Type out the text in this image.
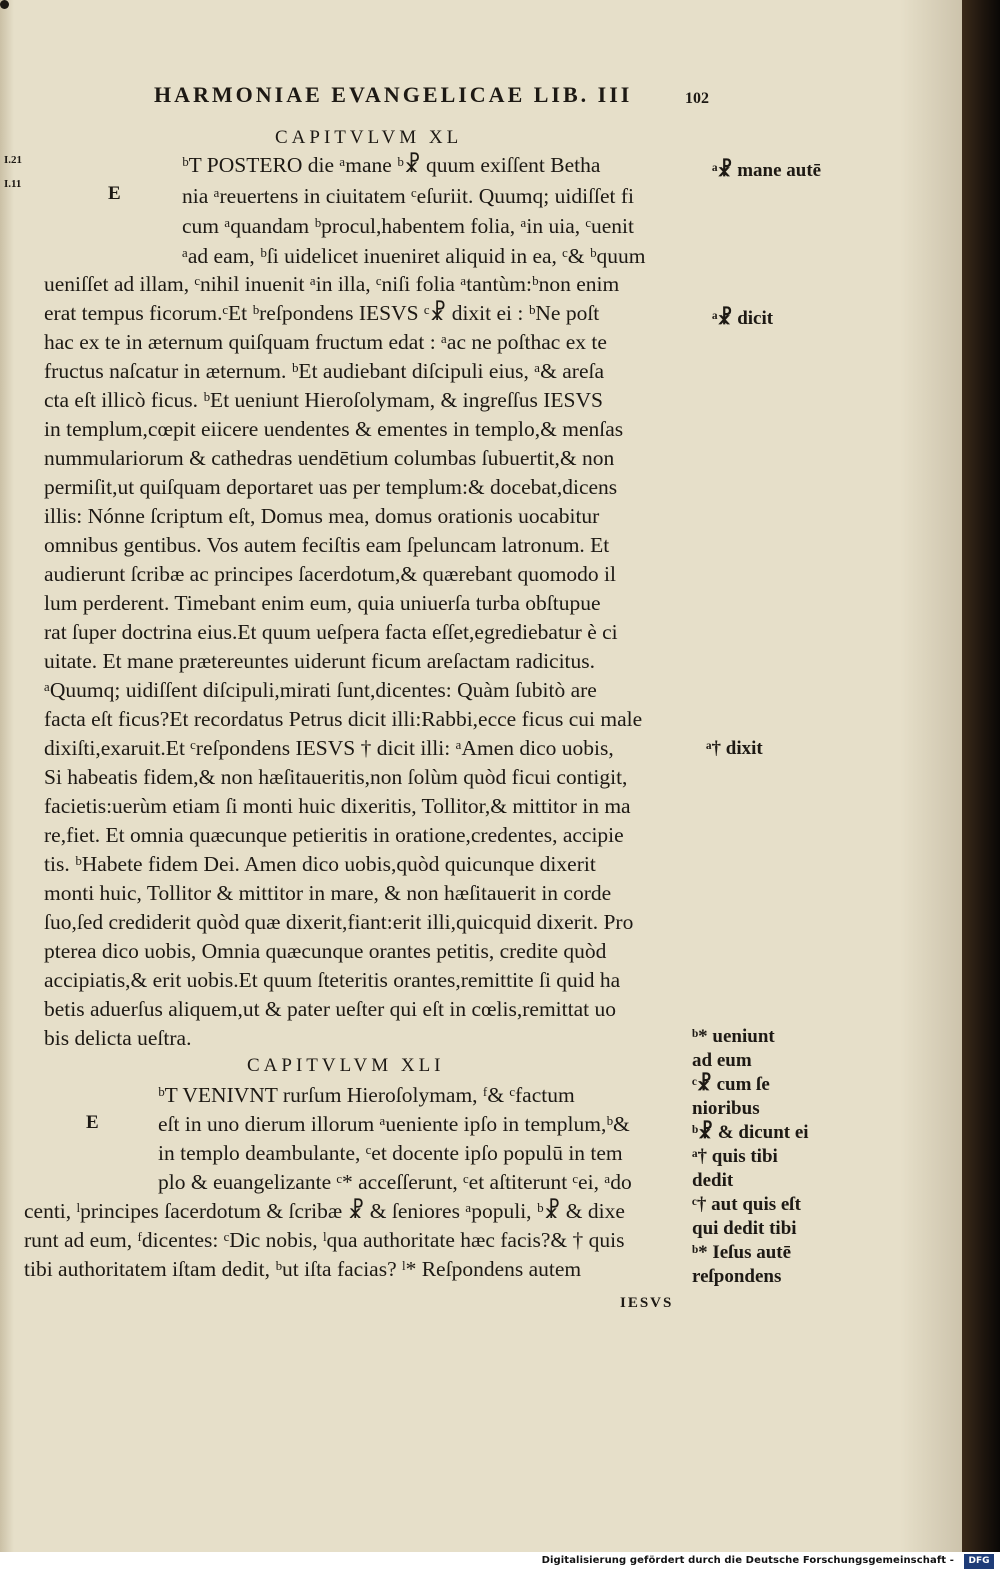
HARMONIAE EVANGELICAE LIB. III	102
I.21
I.11	E
E
CAPITVLVM XL
ᵇT POSTERO die ᵃmane ᵇ☧ quum exiſſent Betha
nia ᵃreuertens in ciuitatem ᶜeſuriit. Quumq; uidiſſet fi
cum ᵃquandam ᵇprocul,habentem folia, ᵃin uia, ᶜuenit
ᵃad eam, ᵇſi uidelicet inueniret aliquid in ea, ᶜ& ᵇquum
ueniſſet ad illam, ᶜnihil inuenit ᵃin illa, ᶜniſi folia ᵃtantùm:ᵇnon enim
erat tempus ficorum.ᶜEt ᵇreſpondens IESVS ᶜ☧ dixit ei : ᵇNe poſt
hac ex te in æternum quiſquam fructum edat : ᵃac ne poſthac ex te
fructus naſcatur in æternum. ᵇEt audiebant diſcipuli eius, ᵃ& areſa
cta eſt illicò ficus. ᵇEt ueniunt Hieroſolymam, & ingreſſus IESVS
in templum,cœpit eiicere uendentes & ementes in templo,& menſas
nummulariorum & cathedras uendētium columbas ſubuertit,& non
permiſit,ut quiſquam deportaret uas per templum:& docebat,dicens
illis: Nónne ſcriptum eſt, Domus mea, domus orationis uocabitur
omnibus gentibus. Vos autem feciſtis eam ſpeluncam latronum. Et
audierunt ſcribæ ac principes ſacerdotum,& quærebant quomodo il
lum perderent. Timebant enim eum, quia uniuerſa turba obſtupue
rat ſuper doctrina eius.Et quum ueſpera facta eſſet,egrediebatur è ci
uitate. Et mane prætereuntes uiderunt ficum areſactam radicitus.
ᵃQuumq; uidiſſent diſcipuli,mirati ſunt,dicentes: Quàm ſubitò are
facta eſt ficus?Et recordatus Petrus dicit illi:Rabbi,ecce ficus cui male
dixiſti,exaruit.Et ᶜreſpondens IESVS † dicit illi: ᵃAmen dico uobis,
Si habeatis fidem,& non hæſitaueritis,non ſolùm quòd ficui contigit,
facietis:uerùm etiam ſi monti huic dixeritis, Tollitor,& mittitor in ma
re,fiet. Et omnia quæcunque petieritis in oratione,credentes, accipie
tis. ᵇHabete fidem Dei. Amen dico uobis,quòd quicunque dixerit
monti huic, Tollitor & mittitor in mare, & non hæſitauerit in corde
ſuo,ſed crediderit quòd quæ dixerit,fiant:erit illi,quicquid dixerit. Pro
pterea dico uobis, Omnia quæcunque orantes petitis, credite quòd
accipiatis,& erit uobis.Et quum ſteteritis orantes,remittite ſi quid ha
betis aduerſus aliquem,ut & pater ueſter qui eſt in cœlis,remittat uo
bis delicta ueſtra.
CAPITVLVM XLI
ᵇT VENIVNT rurſum Hieroſolymam, ᶠ& ᶜfactum
eſt in uno dierum illorum ᵃueniente ipſo in templum,ᵇ&
in templo deambulante, ᶜet docente ipſo populū in tem
plo & euangelizante ᶜ* acceſſerunt, ᶜet aſtiterunt ᶜei, ᵃdo
centi, ˡprincipes ſacerdotum & ſcribæ ☧ & ſeniores ᵃpopuli, ᵇ☧ & dixe
runt ad eum, ᶠdicentes: ᶜDic nobis, ˡqua authoritate hæc facis?& † quis
tibi authoritatem iſtam dedit, ᵇut iſta facias? ˡ* Reſpondens autem
ᵃ☧ mane autē
ᵃ☧ dicit
ᵃ† dixit
ᵇ* ueniunt
ad eum
ᶜ☧ cum ſe
nioribus
ᵇ☧ & dicunt ei
ᵃ† quis tibi
dedit
ᶜ† aut quis eſt
qui dedit tibi
ᵇ* Ieſus autē
reſpondens
IESVS
Digitalisierung gefördert durch die Deutsche Forschungsgemeinschaft -	DFG
